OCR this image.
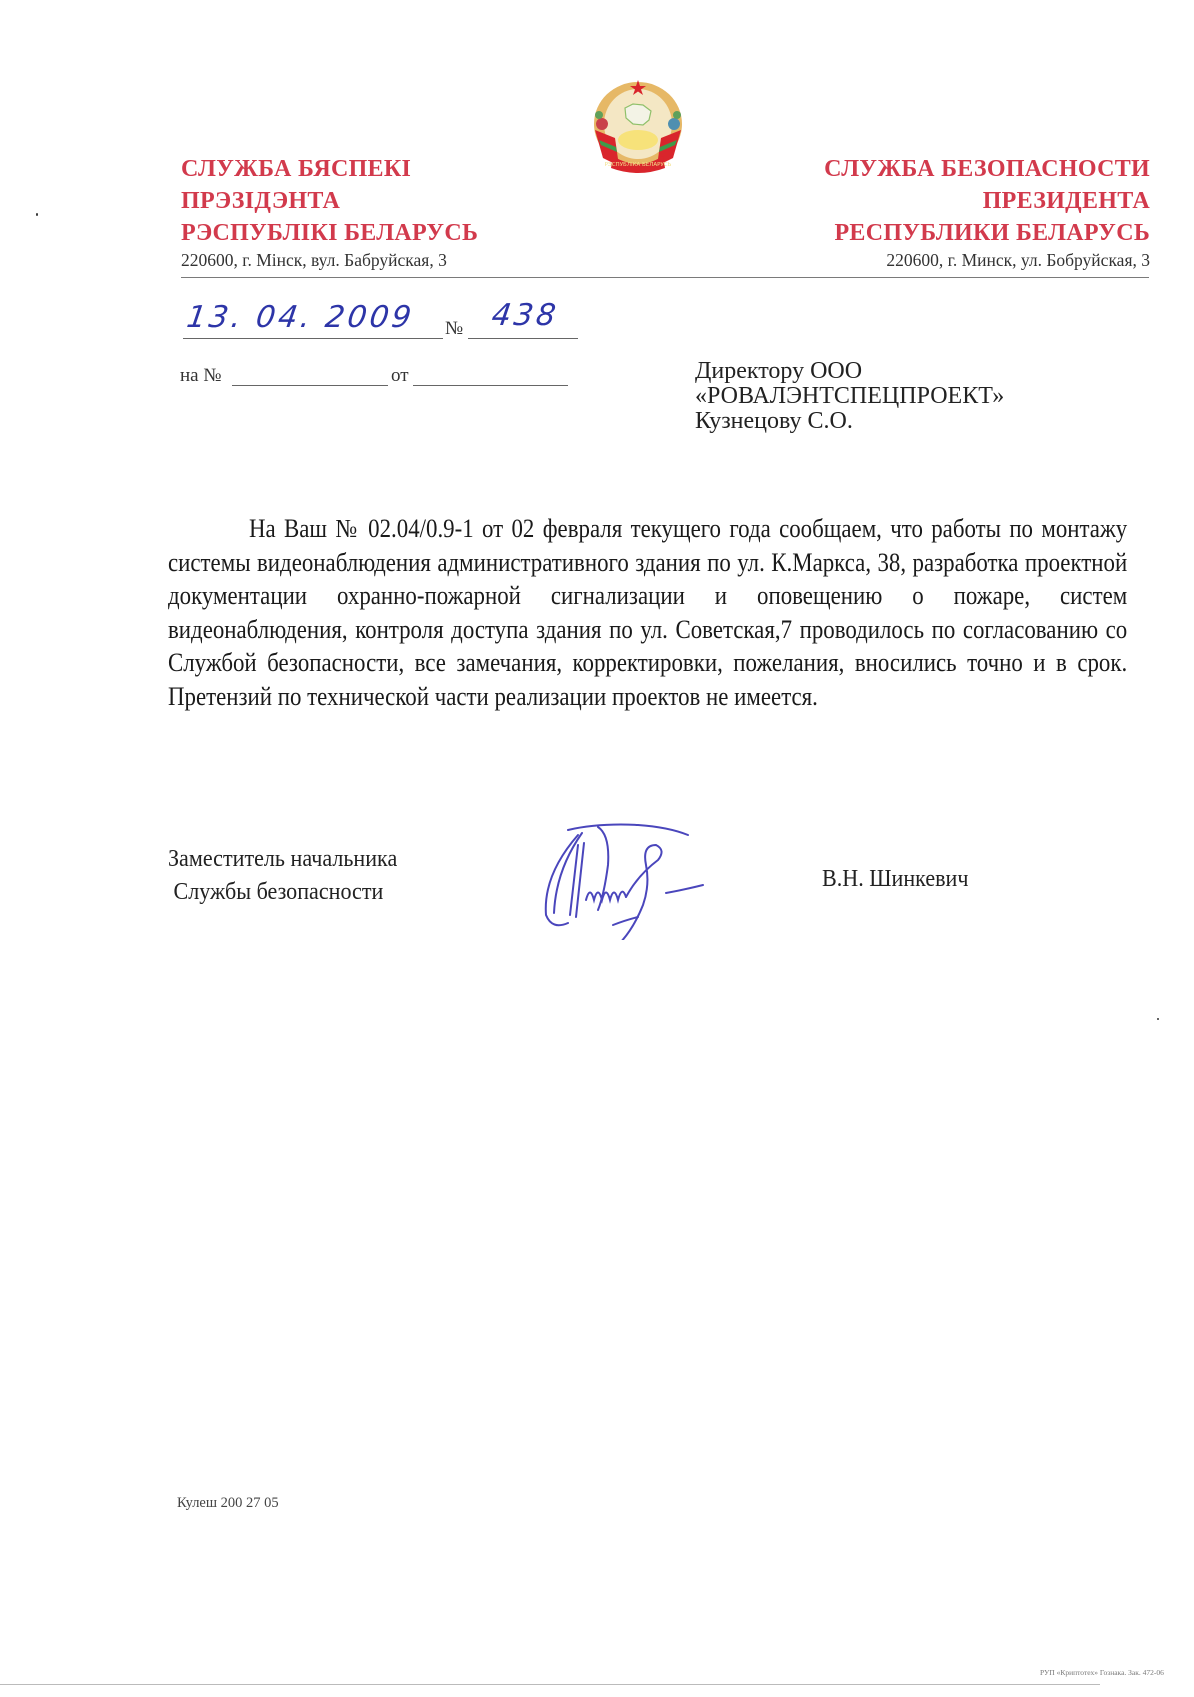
СЛУЖБА БЯСПЕКІ
ПРЭЗІДЭНТА
РЭСПУБЛІКІ БЕЛАРУСЬ
220600, г. Мінск, вул. Бабруйская, 3
РЭСПУБЛІКА БЕЛАРУСЬ	СЛУЖБА БЕЗОПАСНОСТИ
ПРЕЗИДЕНТА
РЕСПУБЛИКИ БЕЛАРУСЬ
220600, г. Минск, ул. Бобруйская, 3
13. 04. 2009 № 438
на №	от	Директору ООО
«РОВАЛЭНТСПЕЦПРОЕКТ»
Кузнецову С.О.

На Ваш № 02.04/0.9-1 от 02 февраля текущего года сообщаем, что работы по монтажу системы видеонаблюдения административного здания по ул. К.Маркса, 38, разработка проектной документации охранно-пожарной сигнализации и оповещению о пожаре, систем видеонаблюдения, контроля доступа здания по ул. Советская,7 проводилось по согласованию со Службой безопасности, все замечания, корректировки, пожелания, вносились точно и в срок. Претензий по технической части реализации проектов не имеется.

Заместитель начальника
Службы безопасности	В.Н. Шинкевич
Кулеш 200 27 05
РУП «Криптотех» Гознака. Зак. 472-06
